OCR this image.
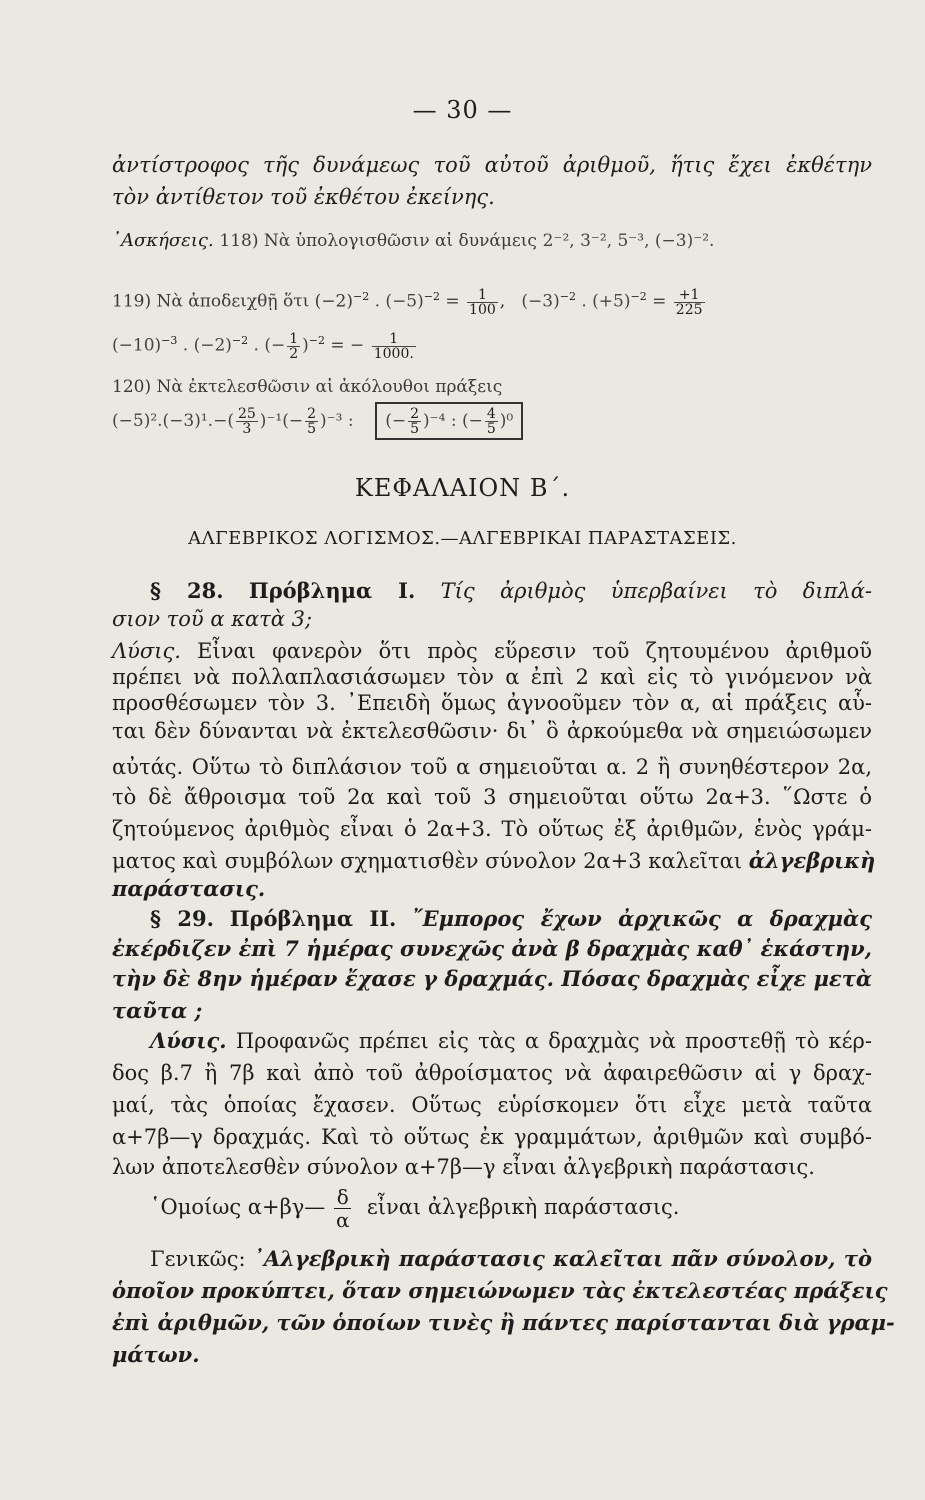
— 30 —
ἀντίστροφος τῆς δυνάμεως τοῦ αὐτοῦ ἀριθμοῦ, ἥτις ἔχει ἐκθέτην
τὸν ἀντίθετον τοῦ ἐκθέτου ἐκείνης.
᾿Ασκήσεις. 118) Νὰ ὑπολογισθῶσιν αἱ δυνάμεις 2⁻², 3⁻², 5⁻³, (−3)⁻².
119) Νὰ ἀποδειχθῇ ὅτι $(-2)^{-2}$ . $(-5)^{-2} = \frac{1}{100}$ ,   $(-3)^{-2}$ . $(+5)^{-2} = \frac{+1}{225}$
$(-10)^{-3}$ . $(-2)^{-2}$ . (− $\frac{1}{2} )^{-2}$ = − $\frac{1}{1000.}$
120) Νὰ ἐκτελεσθῶσιν αἱ ἀκόλουθοι πράξεις
$(-5)^2.(-3)^1.-( \frac{25}{3} )^{-1}(- \frac{2}{5} )^{-3}$ : (− $\frac{2}{5} )^{-4}$ : (− $\frac{4}{5} )^0$
ΚΕΦΑΛΑΙΟΝ Β΄.
ΑΛΓΕΒΡΙΚΟΣ ΛΟΓΙΣΜΟΣ.—ΑΛΓΕΒΡΙΚΑΙ ΠΑΡΑΣΤΑΣΕΙΣ.
§ 28. Πρόβλημα Ι. Τίς ἀριθμὸς ὑπερβαίνει τὸ διπλά-
σιον τοῦ α κατὰ 3;
Λύσις. Εἶναι φανερὸν ὅτι πρὸς εὕρεσιν τοῦ ζητουμένου ἀριθμοῦ
πρέπει νὰ πολλαπλασιάσωμεν τὸν α ἐπὶ 2 καὶ εἰς τὸ γινόμενον νὰ
προσθέσωμεν τὸν 3. ᾿Επειδὴ ὅμως ἀγνοοῦμεν τὸν α, αἱ πράξεις αὗ-
ται δὲν δύνανται νὰ ἐκτελεσθῶσιν· δι᾿ ὃ ἀρκούμεθα νὰ σημειώσωμεν
αὐτάς. Οὕτω τὸ διπλάσιον τοῦ α σημειοῦται α. 2 ἢ συνηθέστερον 2α,
τὸ δὲ ἄθροισμα τοῦ 2α καὶ τοῦ 3 σημειοῦται οὕτω 2α+3. ῞Ωστε ὁ
ζητούμενος ἀριθμὸς εἶναι ὁ 2α+3. Τὸ οὕτως ἐξ ἀριθμῶν, ἑνὸς γράμ-
ματος καὶ συμβόλων σχηματισθὲν σύνολον 2α+3 καλεῖται ἀλγεβρικὴ
παράστασις.
§ 29. Πρόβλημα ΙΙ. ῎Εμπορος ἔχων ἀρχικῶς α δραχμὰς
ἐκέρδιζεν ἐπὶ 7 ἡμέρας συνεχῶς ἀνὰ β δραχμὰς καθ᾿ ἑκάστην,
τὴν δὲ 8ην ἡμέραν ἔχασε γ δραχμάς. Πόσας δραχμὰς εἶχε μετὰ
ταῦτα ;
Λύσις. Προφανῶς πρέπει εἰς τὰς α δραχμὰς νὰ προστεθῇ τὸ κέρ-
δος β.7 ἢ 7β καὶ ἀπὸ τοῦ ἀθροίσματος νὰ ἀφαιρεθῶσιν αἱ γ δραχ-
μαί, τὰς ὁποίας ἔχασεν. Οὕτως εὑρίσκομεν ὅτι εἶχε μετὰ ταῦτα
α+7β—γ δραχμάς. Καὶ τὸ οὕτως ἐκ γραμμάτων, ἀριθμῶν καὶ συμβό-
λων ἀποτελεσθὲν σύνολον α+7β—γ εἶναι ἀλγεβρικὴ παράστασις.
῾Ομοίως α+βγ— $\frac{\delta}{\alpha}$ εἶναι ἀλγεβρικὴ παράστασις.
Γενικῶς: ᾿Αλγεβρικὴ παράστασις καλεῖται πᾶν σύνολον, τὸ
ὁποῖον προκύπτει, ὅταν σημειώνωμεν τὰς ἐκτελεστέας πράξεις
ἐπὶ ἀριθμῶν, τῶν ὁποίων τινὲς ἢ πάντες παρίστανται διὰ γραμ-
μάτων.
